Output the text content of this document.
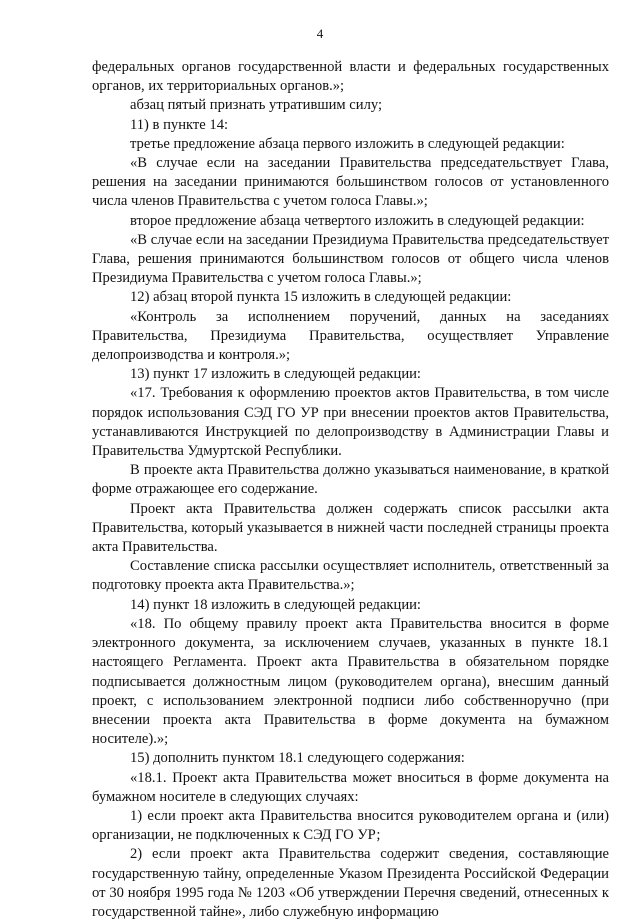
4

федеральных органов государственной власти и федеральных государственных органов, их территориальных органов.»;

абзац пятый признать утратившим силу;

11) в пункте 14:

третье предложение абзаца первого изложить в следующей редакции:

«В случае если на заседании Правительства председательствует Глава, решения на заседании принимаются большинством голосов от установленного числа членов Правительства с учетом голоса Главы.»;

второе предложение абзаца четвертого изложить в следующей редакции:

«В случае если на заседании Президиума Правительства председательствует Глава, решения принимаются большинством голосов от общего числа членов Президиума Правительства с учетом голоса Главы.»;

12) абзац второй пункта 15 изложить в следующей редакции:

«Контроль за исполнением поручений, данных на заседаниях Правительства, Президиума Правительства, осуществляет Управление делопроизводства и контроля.»;

13) пункт 17 изложить в следующей редакции:

«17. Требования к оформлению проектов актов Правительства, в том числе порядок использования СЭД ГО УР при внесении проектов актов Правительства, устанавливаются Инструкцией по делопроизводству в Администрации Главы и Правительства Удмуртской Республики.

В проекте акта Правительства должно указываться наименование, в краткой форме отражающее его содержание.

Проект акта Правительства должен содержать список рассылки акта Правительства, который указывается в нижней части последней страницы проекта акта Правительства.

Составление списка рассылки осуществляет исполнитель, ответственный за подготовку проекта акта Правительства.»;

14) пункт 18 изложить в следующей редакции:

«18. По общему правилу проект акта Правительства вносится в форме электронного документа, за исключением случаев, указанных в пункте 18.1 настоящего Регламента. Проект акта Правительства в обязательном порядке подписывается должностным лицом (руководителем органа), внесшим данный проект, с использованием электронной подписи либо собственноручно (при внесении проекта акта Правительства в форме документа на бумажном носителе).»;

15) дополнить пунктом 18.1 следующего содержания:

«18.1. Проект акта Правительства может вноситься в форме документа на бумажном носителе в следующих случаях:

1) если проект акта Правительства вносится руководителем органа и (или) организации, не подключенных к СЭД ГО УР;

2) если проект акта Правительства содержит сведения, составляющие государственную тайну, определенные Указом Президента Российской Федерации от 30 ноября 1995 года № 1203 «Об утверждении Перечня сведений, отнесенных к государственной тайне», либо служебную информацию
